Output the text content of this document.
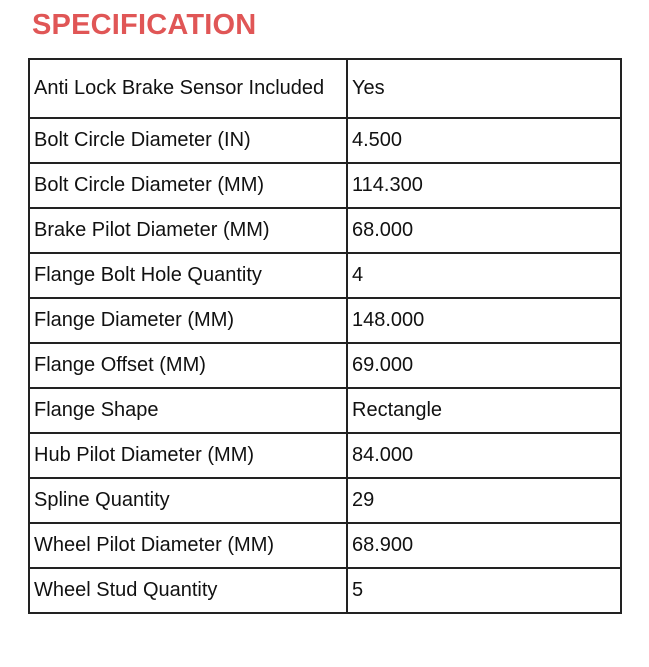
SPECIFICATION
Anti Lock Brake Sensor Included	Yes
Bolt Circle Diameter (IN)	4.500
Bolt Circle Diameter (MM)	114.300
Brake Pilot Diameter (MM)	68.000
Flange Bolt Hole Quantity	4
Flange Diameter (MM)	148.000
Flange Offset (MM)	69.000
Flange Shape	Rectangle
Hub Pilot Diameter (MM)	84.000
Spline Quantity	29
Wheel Pilot Diameter (MM)	68.900
Wheel Stud Quantity	5
